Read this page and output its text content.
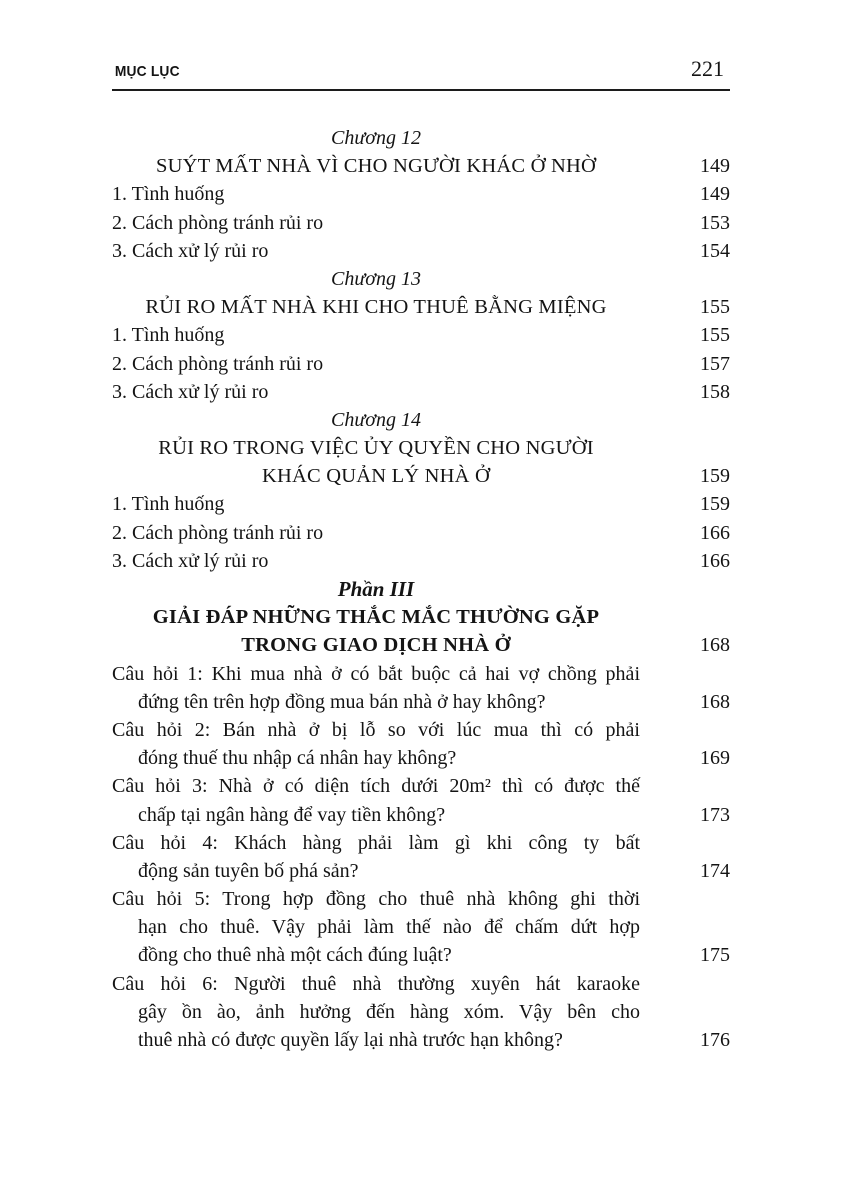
MỤC LỤC	221
Chương 12
SUÝT MẤT NHÀ VÌ CHO NGƯỜI KHÁC Ở NHỜ	149
1. Tình huống	149
2. Cách phòng tránh rủi ro	153
3. Cách xử lý rủi ro	154
Chương 13
RỦI RO MẤT NHÀ KHI CHO THUÊ BẰNG MIỆNG	155
1. Tình huống	155
2. Cách phòng tránh rủi ro	157
3. Cách xử lý rủi ro	158
Chương 14
RỦI RO TRONG VIỆC ỦY QUYỀN CHO NGƯỜI
KHÁC QUẢN LÝ NHÀ Ở	159
1. Tình huống	159
2. Cách phòng tránh rủi ro	166
3. Cách xử lý rủi ro	166
Phần III
GIẢI ĐÁP NHỮNG THẮC MẮC THƯỜNG GẶP
TRONG GIAO DỊCH NHÀ Ở	168
Câu hỏi 1: Khi mua nhà ở có bắt buộc cả hai vợ chồng phải
đứng tên trên hợp đồng mua bán nhà ở hay không?	168
Câu hỏi 2: Bán nhà ở bị lỗ so với lúc mua thì có phải
đóng thuế thu nhập cá nhân hay không?	169
Câu hỏi 3: Nhà ở có diện tích dưới 20m² thì có được thế
chấp tại ngân hàng để vay tiền không?	173
Câu hỏi 4: Khách hàng phải làm gì khi công ty bất
động sản tuyên bố phá sản?	174
Câu hỏi 5: Trong hợp đồng cho thuê nhà không ghi thời
hạn cho thuê. Vậy phải làm thế nào để chấm dứt hợp
đồng cho thuê nhà một cách đúng luật?	175
Câu hỏi 6: Người thuê nhà thường xuyên hát karaoke
gây ồn ào, ảnh hưởng đến hàng xóm. Vậy bên cho
thuê nhà có được quyền lấy lại nhà trước hạn không?	176
